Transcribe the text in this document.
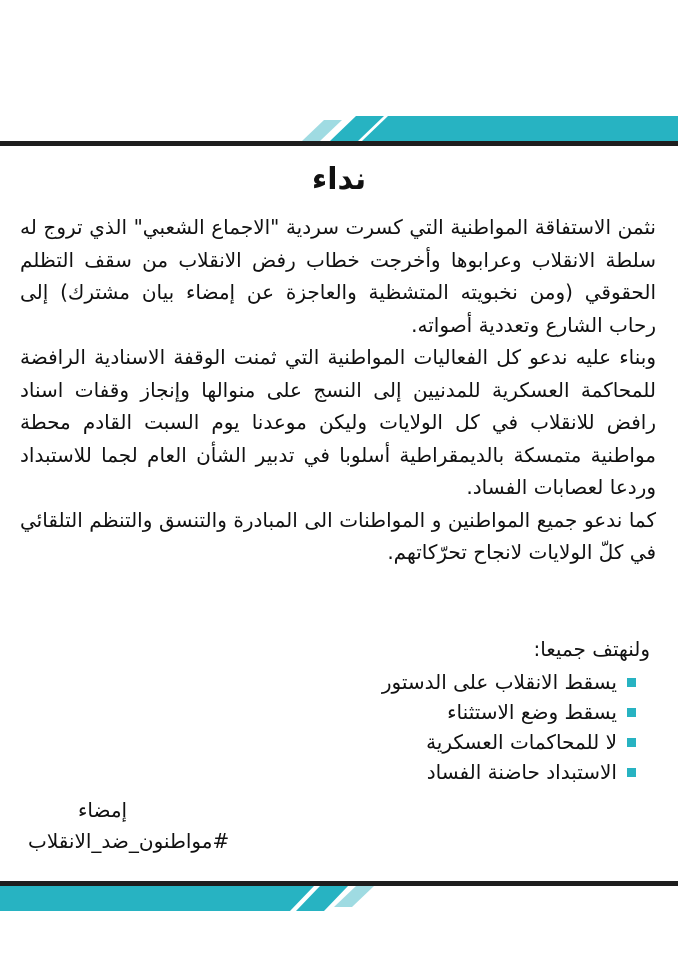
نداء

نثمن الاستفاقة المواطنية التي كسرت سردية "الاجماع الشعبي" الذي تروج له سلطة الانقلاب وعرابوها وأخرجت خطاب رفض الانقلاب من سقف التظلم الحقوقي (ومن نخبويته المتشظية والعاجزة عن إمضاء بيان مشترك) إلى رحاب الشارع وتعددية أصواته.

وبناء عليه ندعو كل الفعاليات المواطنية التي ثمنت الوقفة الاسنادية الرافضة للمحاكمة العسكرية للمدنيين إلى النسج على منوالها وإنجاز وقفات اسناد رافض للانقلاب في كل الولايات وليكن موعدنا يوم السبت القادم محطة مواطنية متمسكة بالديمقراطية أسلوبا في تدبير الشأن العام لجما للاستبداد وردعا لعصابات الفساد.

كما ندعو جميع المواطنين و المواطنات الى المبادرة والتنسق والتنظم التلقائي في كلّ الولايات لانجاح تحرّكاتهم.

ولنهتف جميعا:

يسقط الانقلاب على الدستور
يسقط وضع الاستثناء
لا للمحاكمات العسكرية
الاستبداد حاضنة الفساد

إمضاء

#مواطنون_ضد_الانقلاب
